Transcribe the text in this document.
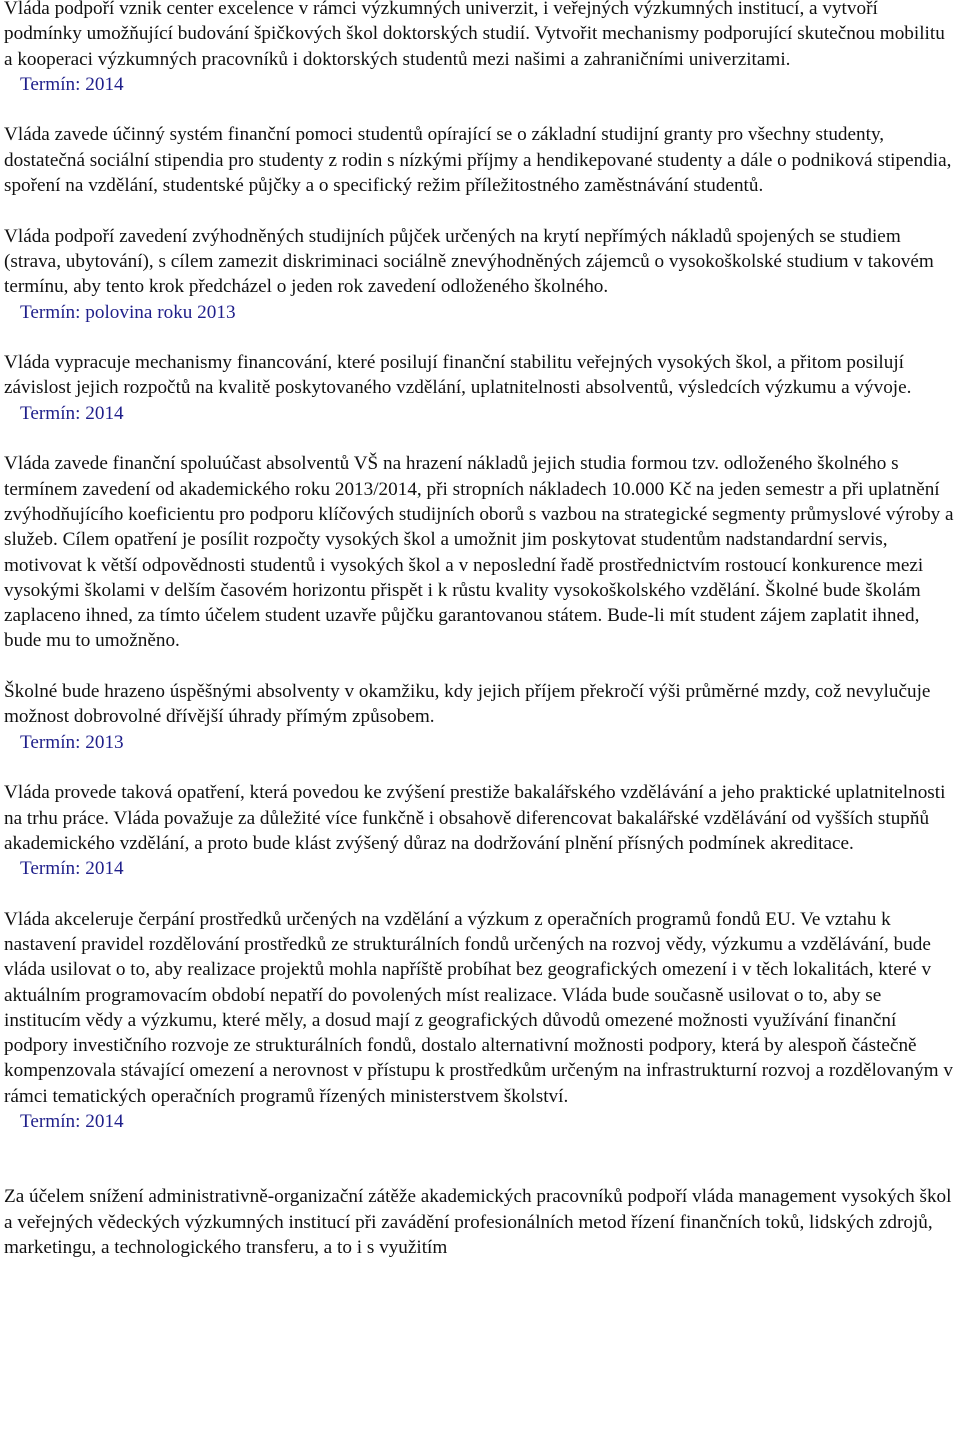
Vláda podpoří vznik center excelence v rámci výzkumných univerzit, i veřejných výzkumných institucí, a vytvoří podmínky umožňující budování špičkových škol doktorských studií. Vytvořit mechanismy podporující skutečnou mobilitu a kooperaci výzkumných pracovníků i doktorských studentů mezi našimi a zahraničními univerzitami.

Termín: 2014

Vláda zavede účinný systém finanční pomoci studentů opírající se o základní studijní granty pro všechny studenty, dostatečná sociální stipendia pro studenty z rodin s nízkými příjmy a hendikepované studenty a dále o podniková stipendia, spoření na vzdělání, studentské půjčky a o specifický režim příležitostného zaměstnávání studentů.

Vláda podpoří zavedení zvýhodněných studijních půjček určených na krytí nepřímých nákladů spojených se studiem (strava, ubytování), s cílem zamezit diskriminaci sociálně znevýhodněných zájemců o vysokoškolské studium v takovém termínu, aby tento krok předcházel o jeden rok zavedení odloženého školného.

Termín: polovina roku 2013

Vláda vypracuje mechanismy financování, které posilují finanční stabilitu veřejných vysokých škol, a přitom posilují závislost jejich rozpočtů na kvalitě poskytovaného vzdělání, uplatnitelnosti absolventů, výsledcích výzkumu a vývoje.

Termín: 2014

Vláda zavede finanční spoluúčast absolventů VŠ na hrazení nákladů jejich studia formou tzv. odloženého školného s termínem zavedení od akademického roku 2013/2014, při stropních nákladech 10.000 Kč na jeden semestr a při uplatnění zvýhodňujícího koeficientu pro podporu klíčových studijních oborů s vazbou na strategické segmenty průmyslové výroby a služeb. Cílem opatření je posílit rozpočty vysokých škol a umožnit jim poskytovat studentům nadstandardní servis, motivovat k větší odpovědnosti studentů i vysokých škol a v neposlední řadě prostřednictvím rostoucí konkurence mezi vysokými školami v delším časovém horizontu přispět i k růstu kvality vysokoškolského vzdělání. Školné bude školám zaplaceno ihned, za tímto účelem student uzavře půjčku garantovanou státem. Bude-li mít student zájem zaplatit ihned, bude mu to umožněno.

Školné bude hrazeno úspěšnými absolventy v okamžiku, kdy jejich příjem překročí výši průměrné mzdy, což nevylučuje možnost dobrovolné dřívější úhrady přímým způsobem.

Termín: 2013

Vláda provede taková opatření, která povedou ke zvýšení prestiže bakalářského vzdělávání a jeho praktické uplatnitelnosti na trhu práce. Vláda považuje za důležité více funkčně i obsahově diferencovat bakalářské vzdělávání od vyšších stupňů akademického vzdělání, a proto bude klást zvýšený důraz na dodržování plnění přísných podmínek akreditace.

Termín: 2014

Vláda akceleruje čerpání prostředků určených na vzdělání a výzkum z operačních programů fondů EU. Ve vztahu k nastavení pravidel rozdělování prostředků ze strukturálních fondů určených na rozvoj vědy, výzkumu a vzdělávání, bude vláda usilovat o to, aby realizace projektů mohla napříště probíhat bez geografických omezení i v těch lokalitách, které v aktuálním programovacím období nepatří do povolených míst realizace. Vláda bude současně usilovat o to, aby se institucím vědy a výzkumu, které měly, a dosud mají z geografických důvodů omezené možnosti využívání finanční podpory investičního rozvoje ze strukturálních fondů, dostalo alternativní možnosti podpory, která by alespoň částečně kompenzovala stávající omezení a nerovnost v přístupu k prostředkům určeným na infrastrukturní rozvoj a rozdělovaným v rámci tematických operačních programů řízených ministerstvem školství.

Termín: 2014

Za účelem snížení administrativně-organizační zátěže akademických pracovníků podpoří vláda management vysokých škol a veřejných vědeckých výzkumných institucí při zavádění profesionálních metod řízení finančních toků, lidských zdrojů, marketingu, a technologického transferu, a to i s využitím
